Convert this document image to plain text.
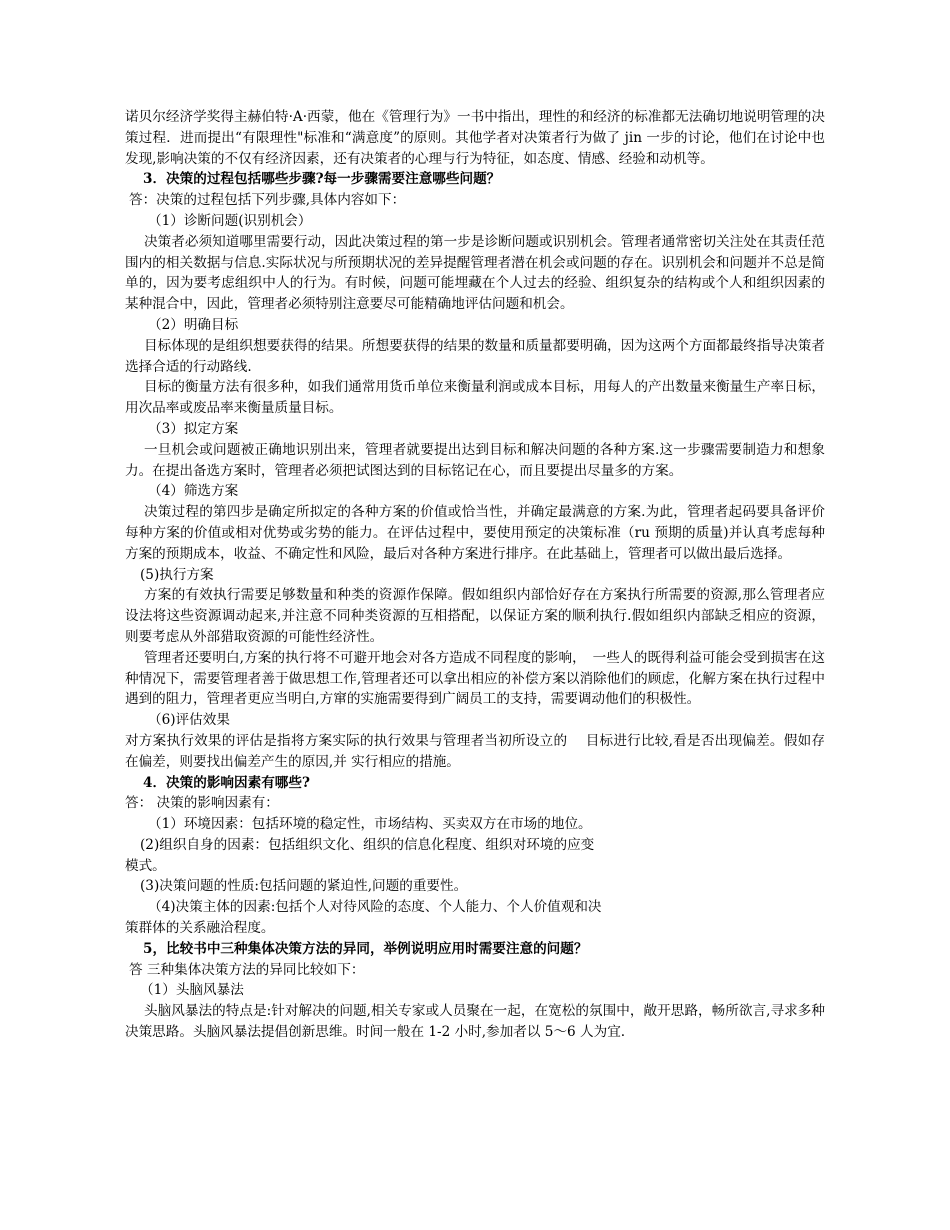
诺贝尔经济学奖得主赫伯特·A·西蒙，他在《管理行为》一书中指出，理性的和经济的标准都无法确切地说明管理的决策过程．进而提出“有限理性"标准和“满意度”的原则。其他学者对决策者行为做了 jin 一步的讨论，他们在讨论中也发现,影响决策的不仅有经济因素，还有决策者的心理与行为特征，如态度、情感、经验和动机等。

3．决策的过程包括哪些步骤?每一步骤需要注意哪些问题？

答：决策的过程包括下列步骤,具体内容如下：

（1）诊断问题(识别机会）

决策者必须知道哪里需要行动，因此决策过程的第一步是诊断问题或识别机会。管理者通常密切关注处在其责任范围内的相关数据与信息.实际状况与所预期状况的差异提醒管理者潜在机会或问题的存在。识别机会和问题并不总是简单的，因为要考虑组织中人的行为。有时候，问题可能埋藏在个人过去的经验、组织复杂的结构或个人和组织因素的某种混合中，因此，管理者必须特别注意要尽可能精确地评估问题和机会。

（2）明确目标

目标体现的是组织想要获得的结果。所想要获得的结果的数量和质量都要明确，因为这两个方面都最终指导决策者选择合适的行动路线.

目标的衡量方法有很多种，如我们通常用货币单位来衡量利润或成本目标，用每人的产出数量来衡量生产率日标，用次品率或废品率来衡量质量目标。

（3）拟定方案

一旦机会或问题被正确地识别出来，管理者就要提出达到目标和解决问题的各种方案.这一步骤需要制造力和想象力。在提出备选方案时，管理者必须把试图达到的目标铭记在心，而且要提出尽量多的方案。

（4）筛选方案

决策过程的第四步是确定所拟定的各种方案的价值或恰当性，并确定最满意的方案.为此，管理者起码要具备评价每种方案的价值或相对优势或劣势的能力。在评估过程中，要使用预定的决策标准（ru 预期的质量)并认真考虑每种方案的预期成本，收益、不确定性和风险，最后对各种方案进行排序。在此基础上，管理者可以做出最后选择。

(5)执行方案

方案的有效执行需要足够数量和种类的资源作保障。假如组织内部恰好存在方案执行所需要的资源,那么管理者应设法将这些资源调动起来,并注意不同种类资源的互相搭配，以保证方案的顺利执行.假如组织内部缺乏相应的资源，则要考虑从外部猎取资源的可能性经济性。

管理者还要明白,方案的执行将不可避开地会对各方造成不同程度的影响，　一些人的既得利益可能会受到损害在这种情况下，需要管理者善于做思想工作,管理者还可以拿出相应的补偿方案以消除他们的顾虑，化解方案在执行过程中遇到的阻力，管理者更应当明白,方窜的实施需要得到广阔员工的支持，需要调动他们的积极性。

（6)评估效果

对方案执行效果的评估是指将方案实际的执行效果与管理者当初所设立的　 目标进行比较,看是否出现偏差。假如存在偏差，则要找出偏差产生的原因,并 实行相应的措施。

4．决策的影响因素有哪些?

答： 决策的影响因素有：

（1）环境因素：包括环境的稳定性，市场结构、买卖双方在市场的地位。

(2)组织自身的因素：包括组织文化、组织的信息化程度、组织对环境的应变

模式。

(3)决策问题的性质:包括问题的紧迫性,问题的重要性。

（4)决策主体的因素:包括个人对待风险的态度、个人能力、个人价值观和决

策群体的关系融洽程度。

5，比较书中三种集体决策方法的异同，举例说明应用时需要注意的问题？

答 三种集体决策方法的异同比较如下：

（1）头脑风暴法

头脑风暴法的特点是:针对解决的问题,相关专家或人员聚在一起，在宽松的氛围中，敞开思路，畅所欲言,寻求多种决策思路。头脑风暴法提倡创新思维。时间一般在 1-2 小时,参加者以 5～6 人为宜.
